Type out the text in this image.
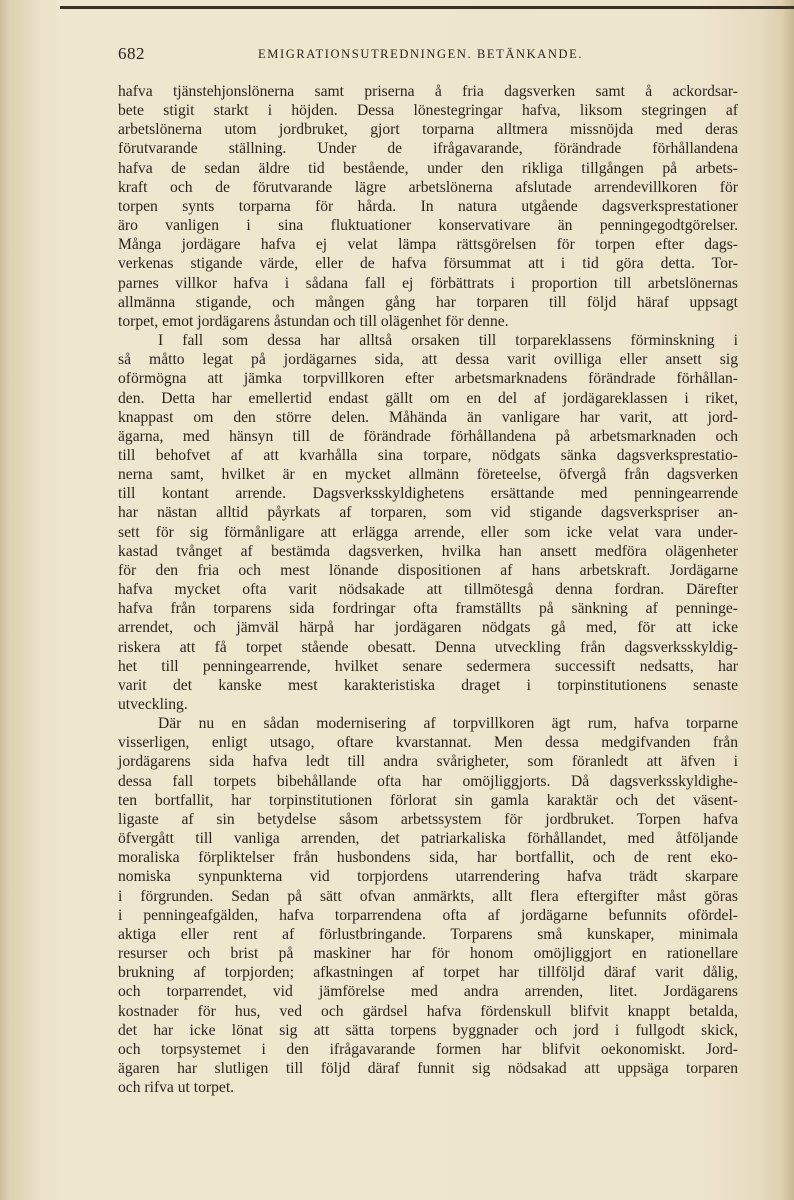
682	EMIGRATIONSUTREDNINGEN. BETÄNKANDE.

hafva tjänstehjonslönerna samt priserna å fria dagsverken samt å ackordsar-
bete stigit starkt i höjden. Dessa lönestegringar hafva, liksom stegringen af
arbetslönerna utom jordbruket, gjort torparna alltmera missnöjda med deras
förutvarande ställning. Under de ifrågavarande, förändrade förhållandena
hafva de sedan äldre tid bestående, under den rikliga tillgången på arbets-
kraft och de förutvarande lägre arbetslönerna afslutade arrendevillkoren för
torpen synts torparna för hårda. In natura utgående dagsverksprestationer
äro vanligen i sina fluktuationer konservativare än penningegodtgörelser.
Många jordägare hafva ej velat lämpa rättsgörelsen för torpen efter dags-
verkenas stigande värde, eller de hafva försummat att i tid göra detta. Tor-
parnes villkor hafva i sådana fall ej förbättrats i proportion till arbetslönernas
allmänna stigande, och mången gång har torparen till följd häraf uppsagt
torpet, emot jordägarens åstundan och till olägenhet för denne.

I fall som dessa har alltså orsaken till torpareklassens förminskning i
så måtto legat på jordägarnes sida, att dessa varit ovilliga eller ansett sig
oförmögna att jämka torpvillkoren efter arbetsmarknadens förändrade förhållan-
den. Detta har emellertid endast gällt om en del af jordägareklassen i riket,
knappast om den större delen. Måhända än vanligare har varit, att jord-
ägarna, med hänsyn till de förändrade förhållandena på arbetsmarknaden och
till behofvet af att kvarhålla sina torpare, nödgats sänka dagsverksprestatio-
nerna samt, hvilket är en mycket allmänn företeelse, öfvergå från dagsverken
till kontant arrende. Dagsverksskyldighetens ersättande med penningearrende
har nästan alltid påyrkats af torparen, som vid stigande dagsverkspriser an-
sett för sig förmånligare att erlägga arrende, eller som icke velat vara under-
kastad tvånget af bestämda dagsverken, hvilka han ansett medföra olägenheter
för den fria och mest lönande dispositionen af hans arbetskraft. Jordägarne
hafva mycket ofta varit nödsakade att tillmötesgå denna fordran. Därefter
hafva från torparens sida fordringar ofta framställts på sänkning af penninge-
arrendet, och jämväl härpå har jordägaren nödgats gå med, för att icke
riskera att få torpet stående obesatt. Denna utveckling från dagsverksskyldig-
het till penningearrende, hvilket senare sedermera successift nedsatts, har
varit det kanske mest karakteristiska draget i torpinstitutionens senaste
utveckling.

Där nu en sådan modernisering af torpvillkoren ägt rum, hafva torparne
visserligen, enligt utsago, oftare kvarstannat. Men dessa medgifvanden från
jordägarens sida hafva ledt till andra svårigheter, som föranledt att äfven i
dessa fall torpets bibehållande ofta har omöjliggjorts. Då dagsverksskyldighe-
ten bortfallit, har torpinstitutionen förlorat sin gamla karaktär och det väsent-
ligaste af sin betydelse såsom arbetssystem för jordbruket. Torpen hafva
öfvergått till vanliga arrenden, det patriarkaliska förhållandet, med åtföljande
moraliska förpliktelser från husbondens sida, har bortfallit, och de rent eko-
nomiska synpunkterna vid torpjordens utarrendering hafva trädt skarpare
i förgrunden. Sedan på sätt ofvan anmärkts, allt flera eftergifter måst göras
i penningeafgälden, hafva torparrendena ofta af jordägarne befunnits ofördel-
aktiga eller rent af förlustbringande. Torparens små kunskaper, minimala
resurser och brist på maskiner har för honom omöjliggjort en rationellare
brukning af torpjorden; afkastningen af torpet har tillföljd däraf varit dålig,
och torparrendet, vid jämförelse med andra arrenden, litet. Jordägarens
kostnader för hus, ved och gärdsel hafva fördenskull blifvit knappt betalda,
det har icke lönat sig att sätta torpens byggnader och jord i fullgodt skick,
och torpsystemet i den ifrågavarande formen har blifvit oekonomiskt. Jord-
ägaren har slutligen till följd däraf funnit sig nödsakad att uppsäga torparen
och rifva ut torpet.
